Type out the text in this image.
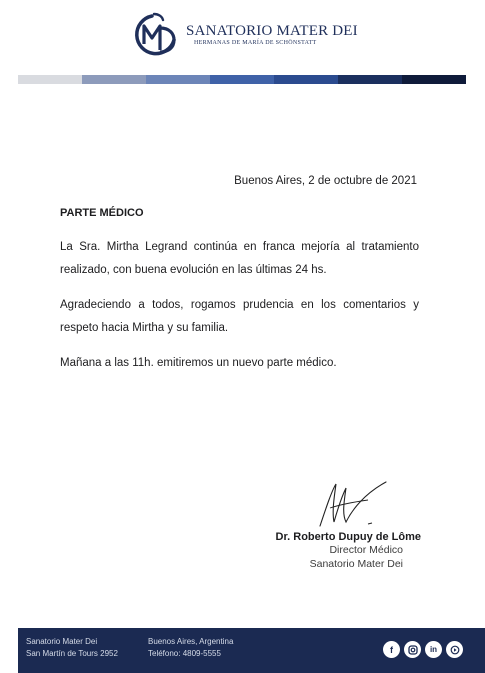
SANATORIO MATER DEI
HERMANAS DE MARÍA DE SCHÖNSTATT
Buenos Aires, 2 de octubre de 2021
PARTE MÉDICO

La Sra. Mirtha Legrand continúa en franca mejoría al tratamiento realizado, con buena evolución en las últimas 24 hs.

Agradeciendo a todos, rogamos prudencia en los comentarios y respeto hacia Mirtha y su familia.

Mañana a las 11h. emitiremos un nuevo parte médico.

Dr. Roberto Dupuy de Lôme
Director Médico
Sanatorio Mater Dei
Sanatorio Mater Dei
San Martín de Tours 2952
Buenos Aires, Argentina
Teléfono: 4809-5555	f	in
